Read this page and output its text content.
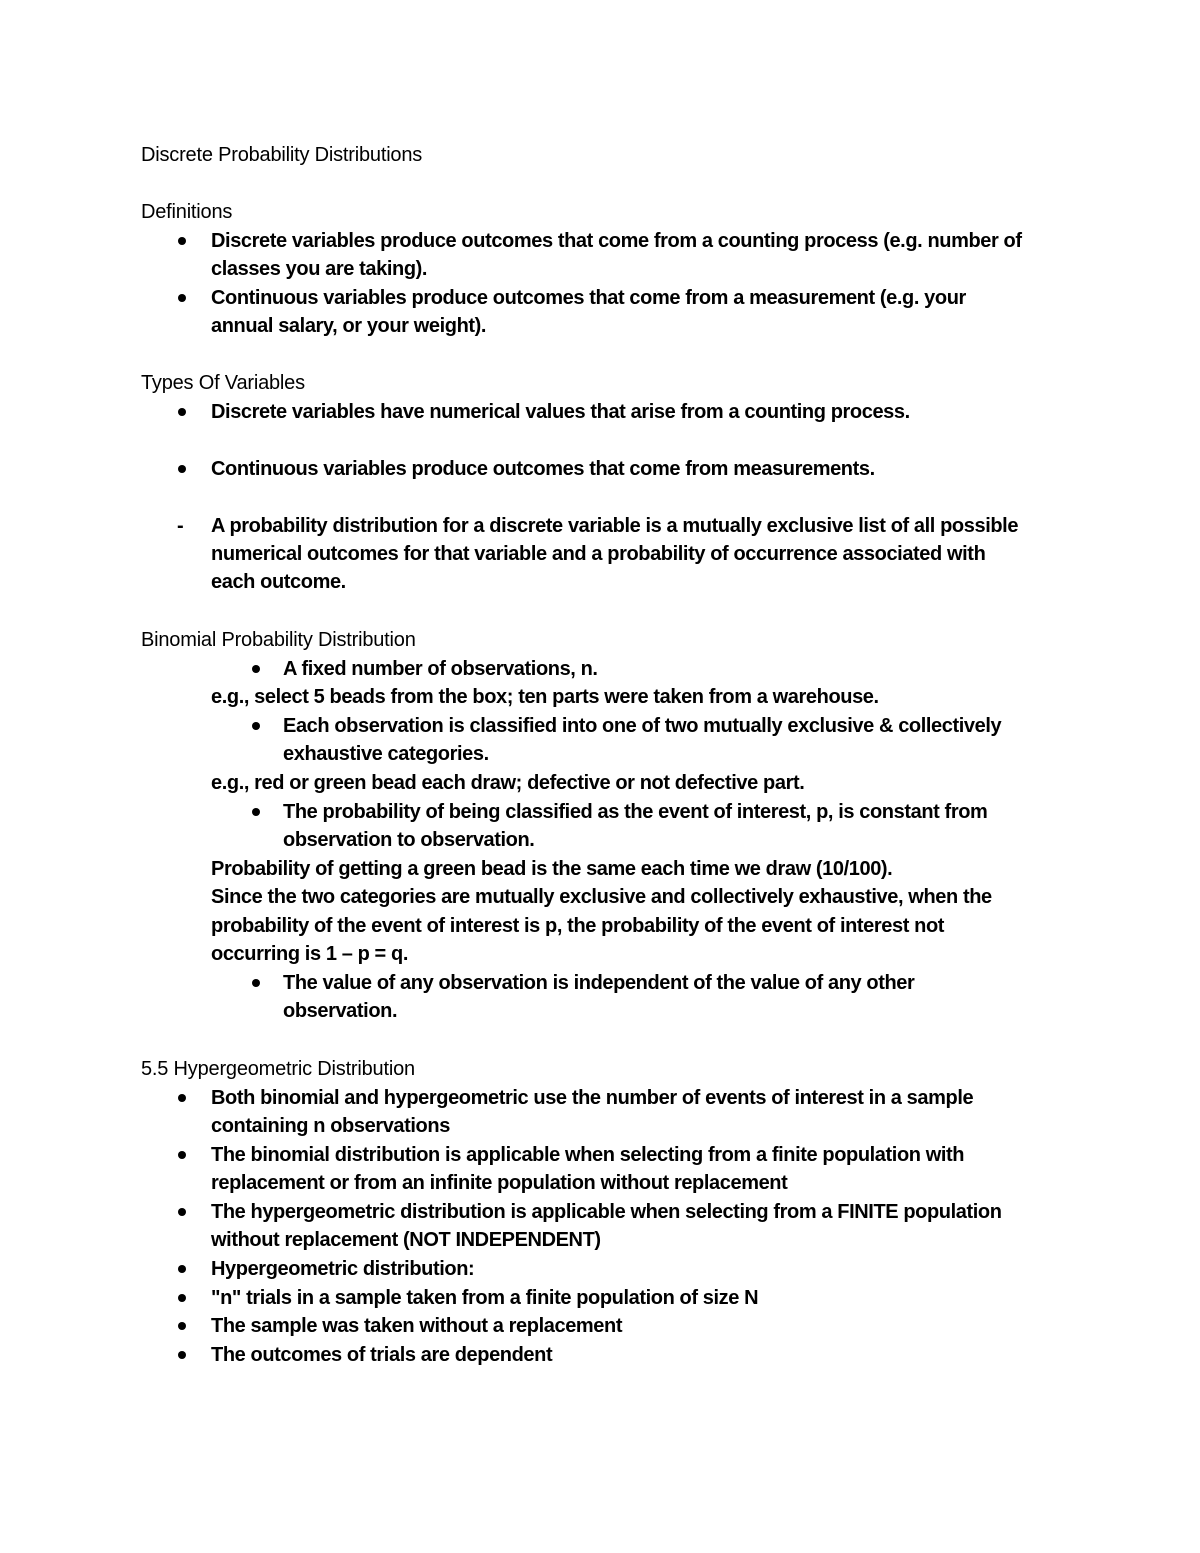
Discrete Probability Distributions
Definitions
Discrete variables produce outcomes that come from a counting process (e.g. number of
classes you are taking).
Continuous variables produce outcomes that come from a measurement (e.g. your
annual salary, or your weight).
Types Of Variables
Discrete variables have numerical values that arise from a counting process.
Continuous variables produce outcomes that come from measurements.
- A probability distribution for a discrete variable is a mutually exclusive list of all possible
numerical outcomes for that variable and a probability of occurrence associated with
each outcome.
Binomial Probability Distribution
A fixed number of observations, n.
e.g., select 5 beads from the box; ten parts were taken from a warehouse.
Each observation is classified into one of two mutually exclusive & collectively
exhaustive categories.
e.g., red or green bead each draw; defective or not defective part.
The probability of being classified as the event of interest, p, is constant from
observation to observation.
Probability of getting a green bead is the same each time we draw (10/100).
Since the two categories are mutually exclusive and collectively exhaustive, when the
probability of the event of interest is p, the probability of the event of interest not
occurring is 1 – p = q.
The value of any observation is independent of the value of any other
observation.
5.5 Hypergeometric Distribution
Both binomial and hypergeometric use the number of events of interest in a sample
containing n observations
The binomial distribution is applicable when selecting from a finite population with
replacement or from an infinite population without replacement
The hypergeometric distribution is applicable when selecting from a FINITE population
without replacement (NOT INDEPENDENT)
Hypergeometric distribution:
"n" trials in a sample taken from a finite population of size N
The sample was taken without a replacement
The outcomes of trials are dependent
